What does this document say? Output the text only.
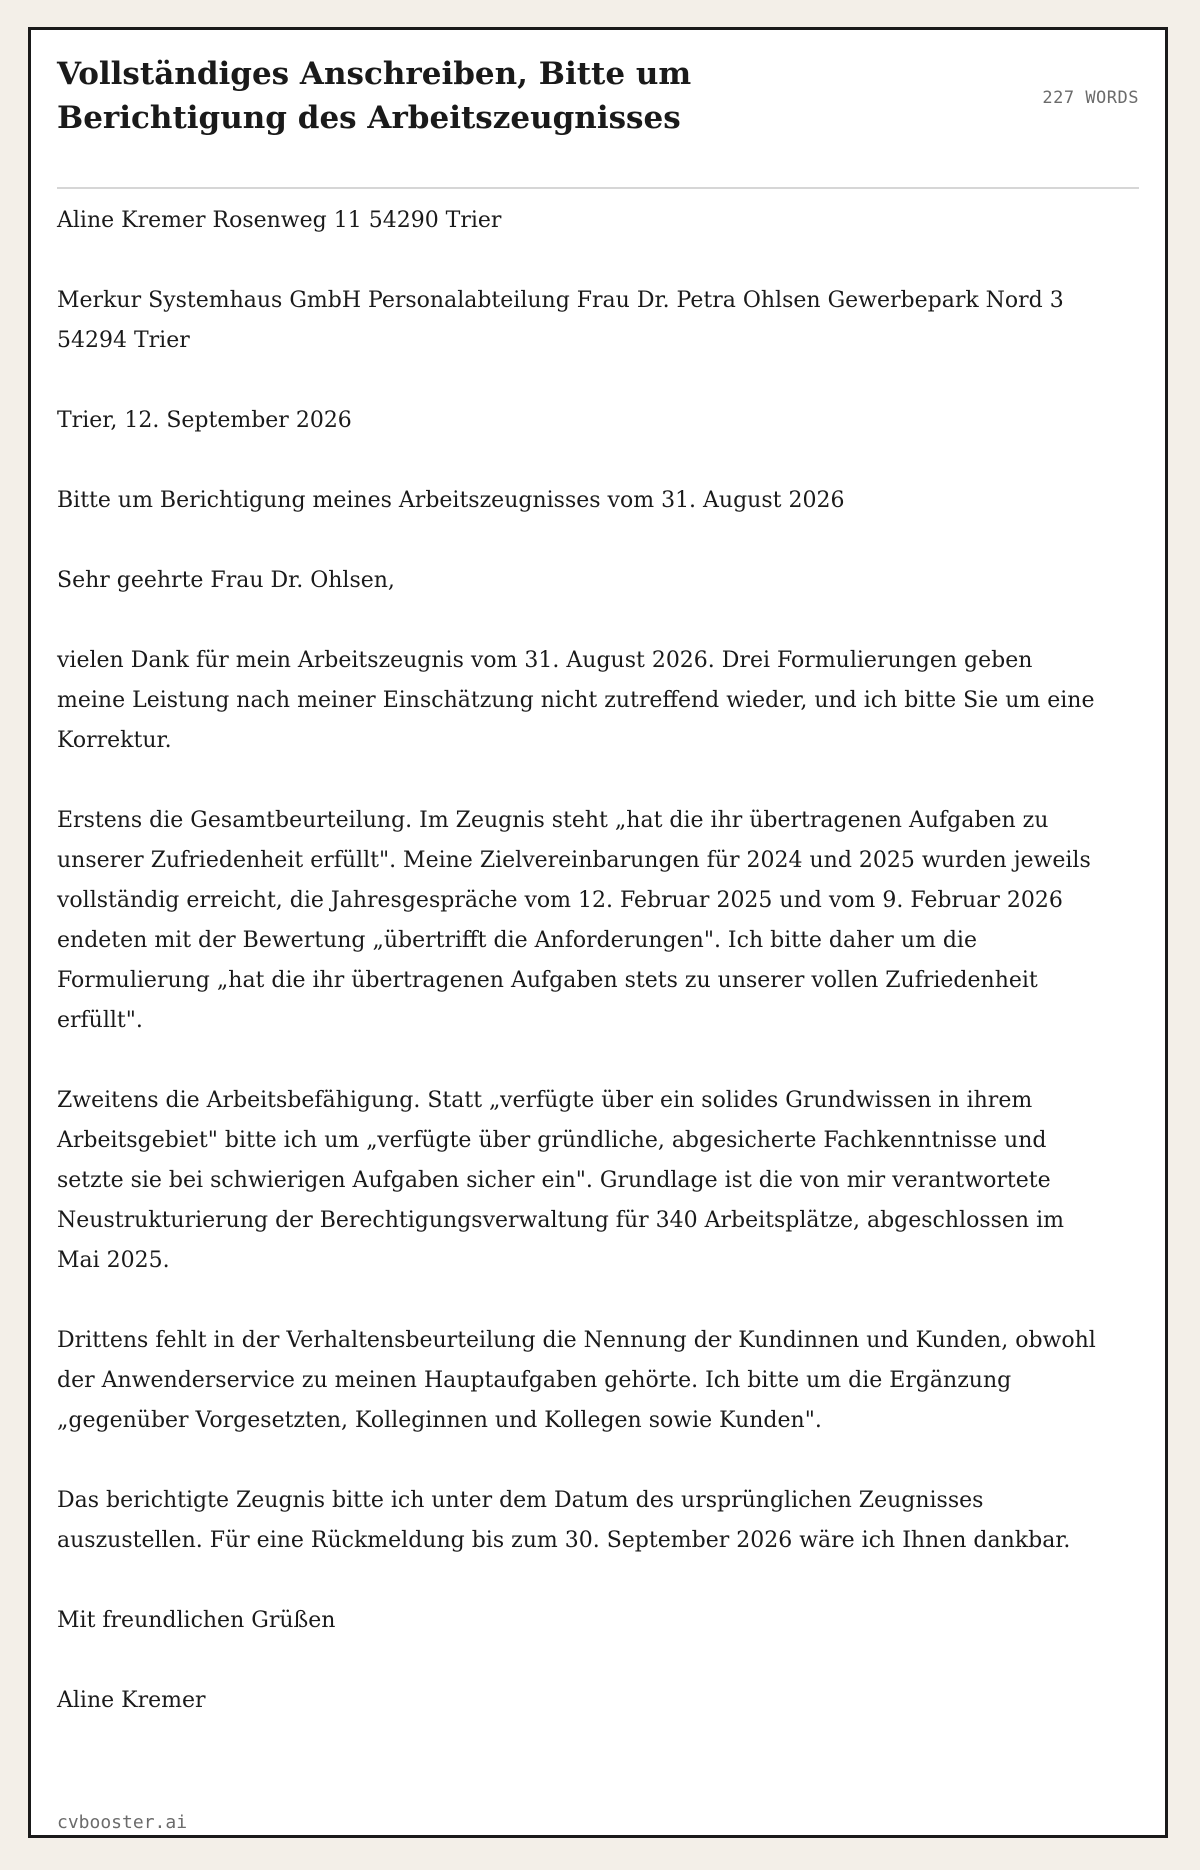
Vollständiges Anschreiben, Bitte um Berichtigung des Arbeitszeugnisses
227 WORDS

Aline Kremer Rosenweg 11 54290 Trier

Merkur Systemhaus GmbH Personalabteilung Frau Dr. Petra Ohlsen Gewerbepark Nord 3 54294 Trier

Trier, 12. September 2026

Bitte um Berichtigung meines Arbeitszeugnisses vom 31. August 2026

Sehr geehrte Frau Dr. Ohlsen,

vielen Dank für mein Arbeitszeugnis vom 31. August 2026. Drei Formulierungen geben meine Leistung nach meiner Einschätzung nicht zutreffend wieder, und ich bitte Sie um eine Korrektur.

Erstens die Gesamtbeurteilung. Im Zeugnis steht „hat die ihr übertragenen Aufgaben zu unserer Zufriedenheit erfüllt". Meine Zielvereinbarungen für 2024 und 2025 wurden jeweils vollständig erreicht, die Jahresgespräche vom 12. Februar 2025 und vom 9. Februar 2026 endeten mit der Bewertung „übertrifft die Anforderungen". Ich bitte daher um die Formulierung „hat die ihr übertragenen Aufgaben stets zu unserer vollen Zufriedenheit erfüllt".

Zweitens die Arbeitsbefähigung. Statt „verfügte über ein solides Grundwissen in ihrem Arbeitsgebiet" bitte ich um „verfügte über gründliche, abgesicherte Fachkenntnisse und setzte sie bei schwierigen Aufgaben sicher ein". Grundlage ist die von mir verantwortete Neustrukturierung der Berechtigungsverwaltung für 340 Arbeitsplätze, abgeschlossen im Mai 2025.

Drittens fehlt in der Verhaltensbeurteilung die Nennung der Kundinnen und Kunden, obwohl der Anwenderservice zu meinen Hauptaufgaben gehörte. Ich bitte um die Ergänzung „gegenüber Vorgesetzten, Kolleginnen und Kollegen sowie Kunden".

Das berichtigte Zeugnis bitte ich unter dem Datum des ursprünglichen Zeugnisses auszustellen. Für eine Rückmeldung bis zum 30. September 2026 wäre ich Ihnen dankbar.

Mit freundlichen Grüßen

Aline Kremer

cvbooster.ai
